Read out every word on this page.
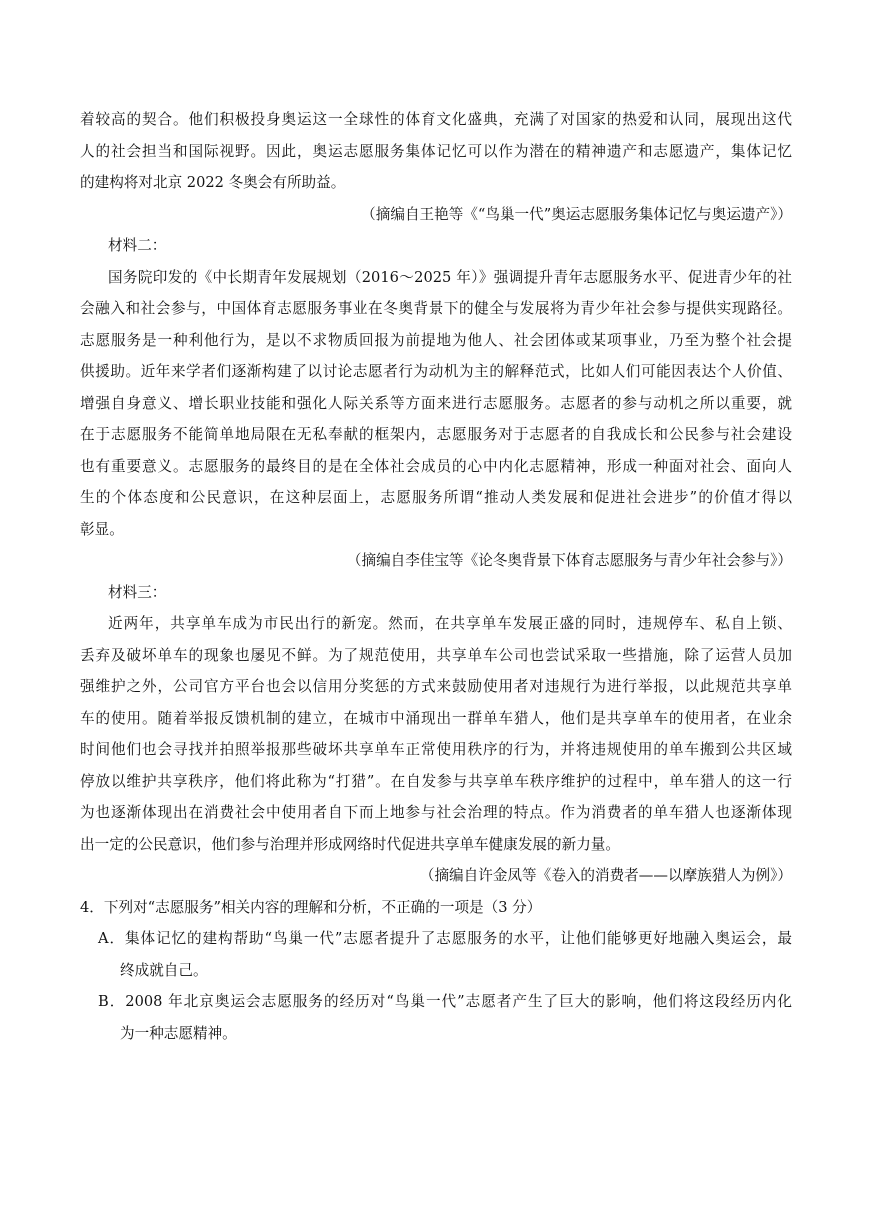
着较高的契合。他们积极投身奥运这一全球性的体育文化盛典，充满了对国家的热爱和认同，展现出这代
人的社会担当和国际视野。因此，奥运志愿服务集体记忆可以作为潜在的精神遗产和志愿遗产，集体记忆
的建构将对北京 2022 冬奥会有所助益。
（摘编自王艳等《“鸟巢一代”奥运志愿服务集体记忆与奥运遗产》）
材料二：
国务院印发的《中长期青年发展规划（2016～2025 年）》强调提升青年志愿服务水平、促进青少年的社
会融入和社会参与，中国体育志愿服务事业在冬奥背景下的健全与发展将为青少年社会参与提供实现路径。
志愿服务是一种利他行为，是以不求物质回报为前提地为他人、社会团体或某项事业，乃至为整个社会提
供援助。近年来学者们逐渐构建了以讨论志愿者行为动机为主的解释范式，比如人们可能因表达个人价值、
增强自身意义、增长职业技能和强化人际关系等方面来进行志愿服务。志愿者的参与动机之所以重要，就
在于志愿服务不能简单地局限在无私奉献的框架内，志愿服务对于志愿者的自我成长和公民参与社会建设
也有重要意义。志愿服务的最终目的是在全体社会成员的心中内化志愿精神，形成一种面对社会、面向人
生的个体态度和公民意识，在这种层面上，志愿服务所谓“推动人类发展和促进社会进步”的价值才得以
彰显。
（摘编自李佳宝等《论冬奥背景下体育志愿服务与青少年社会参与》）
材料三：
近两年，共享单车成为市民出行的新宠。然而，在共享单车发展正盛的同时，违规停车、私自上锁、
丢弃及破坏单车的现象也屡见不鲜。为了规范使用，共享单车公司也尝试采取一些措施，除了运营人员加
强维护之外，公司官方平台也会以信用分奖惩的方式来鼓励使用者对违规行为进行举报，以此规范共享单
车的使用。随着举报反馈机制的建立，在城市中涌现出一群单车猎人，他们是共享单车的使用者，在业余
时间他们也会寻找并拍照举报那些破坏共享单车正常使用秩序的行为，并将违规使用的单车搬到公共区域
停放以维护共享秩序，他们将此称为“打猎”。在自发参与共享单车秩序维护的过程中，单车猎人的这一行
为也逐渐体现出在消费社会中使用者自下而上地参与社会治理的特点。作为消费者的单车猎人也逐渐体现
出一定的公民意识，他们参与治理并形成网络时代促进共享单车健康发展的新力量。
（摘编自许金凤等《卷入的消费者——以摩族猎人为例》）
4．下列对“志愿服务”相关内容的理解和分析，不正确的一项是（3 分）
A．集体记忆的建构帮助“鸟巢一代”志愿者提升了志愿服务的水平，让他们能够更好地融入奥运会，最
终成就自己。
B．2008 年北京奥运会志愿服务的经历对“鸟巢一代”志愿者产生了巨大的影响，他们将这段经历内化
为一种志愿精神。
